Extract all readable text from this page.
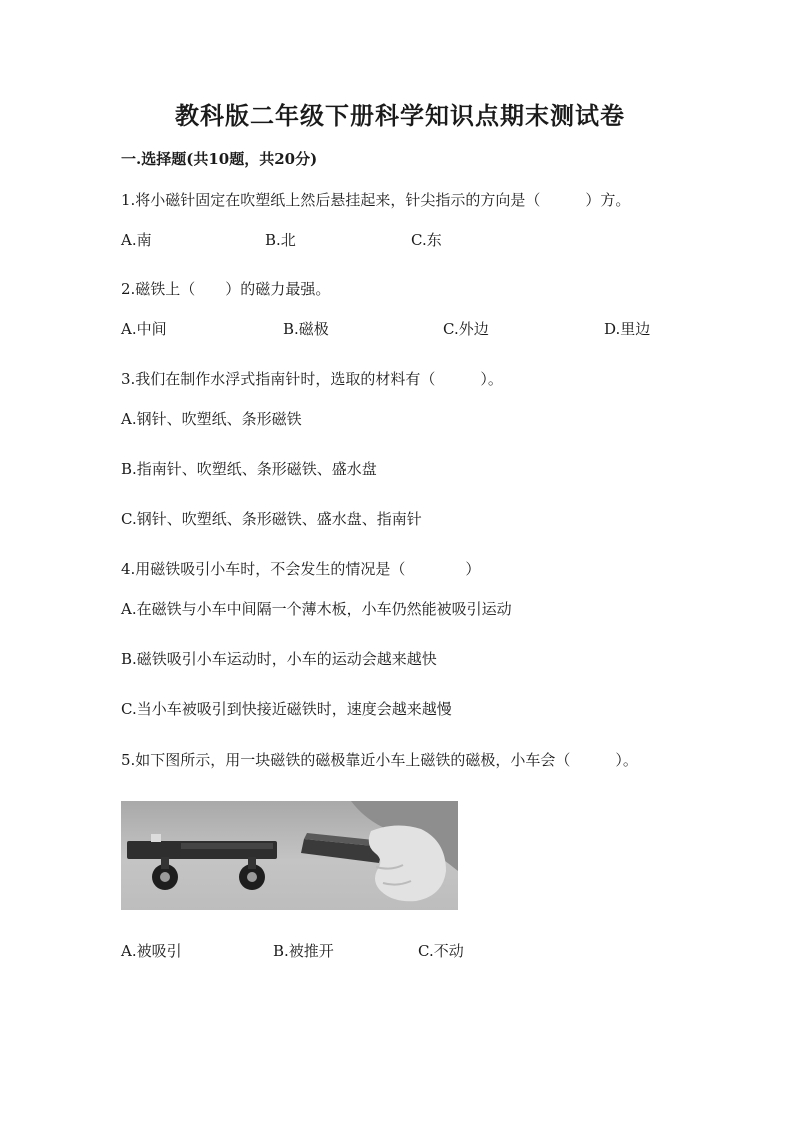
教科版二年级下册科学知识点期末测试卷
一.选择题(共10题，共20分)
1.将小磁针固定在吹塑纸上然后悬挂起来，针尖指示的方向是（　　　）方。
A.南	B.北	C.东
2.磁铁上（　　）的磁力最强。
A.中间	B.磁极	C.外边	D.里边
3.我们在制作水浮式指南针时，选取的材料有（　　　）。
A.钢针、吹塑纸、条形磁铁
B.指南针、吹塑纸、条形磁铁、盛水盘
C.钢针、吹塑纸、条形磁铁、盛水盘、指南针
4.用磁铁吸引小车时，不会发生的情况是（　　　　）
A.在磁铁与小车中间隔一个薄木板，小车仍然能被吸引运动
B.磁铁吸引小车运动时，小车的运动会越来越快
C.当小车被吸引到快接近磁铁时，速度会越来越慢
5.如下图所示，用一块磁铁的磁极靠近小车上磁铁的磁极，小车会（　　　）。
A.被吸引	B.被推开	C.不动
